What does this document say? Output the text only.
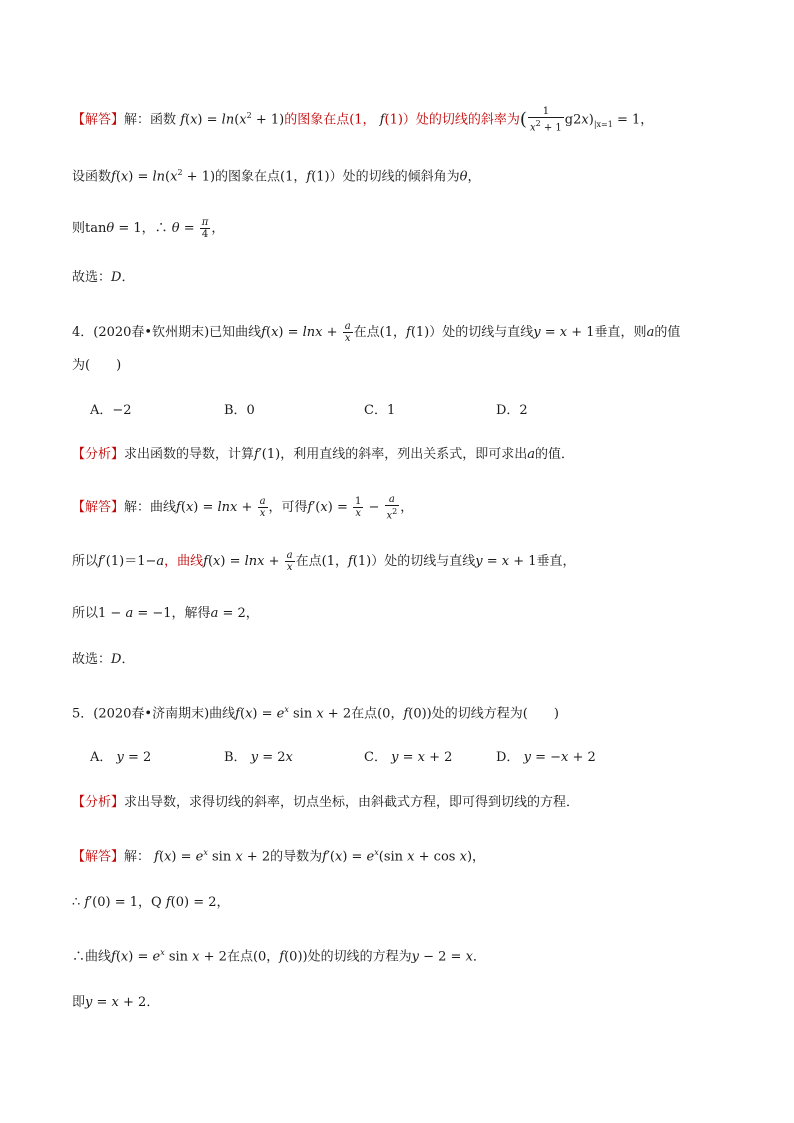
【解答】解：函数 $f(x) = \ln(x^2 + 1)$的图象在点(1， f(1)）处的切线的斜率为( $\frac{1}{x^2 + 1} g2x)_{|x=1} = 1$，
设函数$f(x) = \ln(x^2 + 1)$的图象在点(1，f(1)）处的切线的倾斜角为θ，
则tanθ = 1，∴ $\theta = \frac{\pi}{4}$ ，
故选：D．
4．(2020春•钦州期末)已知曲线$f(x) = \ln x + \frac{a}{x}$ 在点(1，f(1)）处的切线与直线y = x + 1垂直，则a的值
为(　　)
A．−2	B．0	C．1	D．2
【分析】求出函数的导数，计算f′(1)，利用直线的斜率，列出关系式，即可求出a的值．
【解答】解：曲线$f(x) = \ln x + \frac{a}{x}$ ，可得$f'(x) = \frac{1}{x} - \frac{a}{x^2}$ ，
所以f′(1)＝1−a，曲线$f(x) = \ln x + \frac{a}{x}$ 在点(1，f(1)）处的切线与直线y = x + 1垂直，
所以1 − a = −1，解得a = 2，
故选：D．
5．(2020春•济南期末)曲线$f(x) = e^x$ sin x + 2在点(0，f(0))处的切线方程为(　　)
A． y = 2	B． y = 2x	C． y = x + 2	D． y = −x + 2
【分析】求出导数，求得切线的斜率，切点坐标，由斜截式方程，即可得到切线的方程．
【解答】解： $f(x) = e^x$ sin x + 2的导数为$f'(x) = e^x(\sin$ x + cos x)，
∴ f′(0) = 1，Q f(0) = 2，
∴曲线$f(x) = e^x$ sin x + 2在点(0，f(0))处的切线的方程为y − 2 = x．
即y = x + 2．
